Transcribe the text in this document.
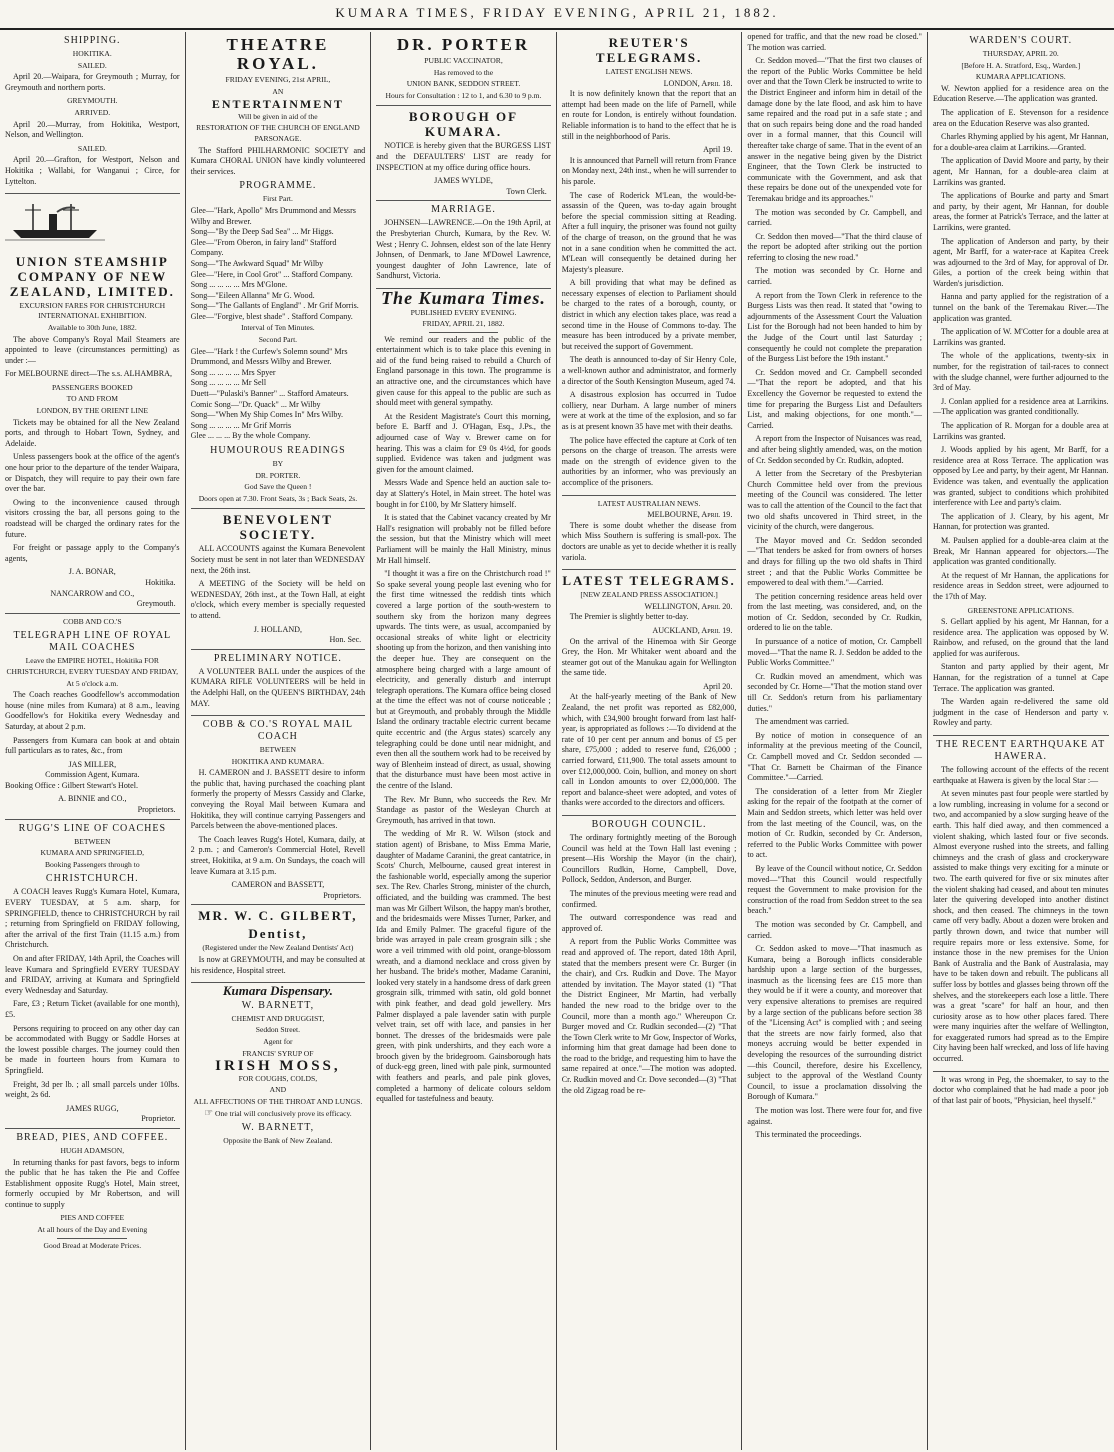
KUMARA TIMES, FRIDAY EVENING, APRIL 21, 1882.
SHIPPING.
HOKITIKA.
SAILED.

April 20.—Waipara, for Greymouth ; Murray, for Greymouth and northern ports.

GREYMOUTH.
ARRIVED.

April 20.—Murray, from Hokitika, Westport, Nelson, and Wellington.

SAILED.

April 20.—Grafton, for Westport, Nelson and Hokitika ; Wallabi, for Wanganui ; Circe, for Lyttelton.

UNION STEAMSHIP COMPANY OF NEW ZEALAND, LIMITED.
EXCURSION FARES FOR CHRISTCHURCH INTERNATIONAL EXHIBITION.
Available to 30th June, 1882.

The above Company's Royal Mail Steamers are appointed to leave (circumstances permitting) as under :—

For MELBOURNE direct—The s.s. ALHAMBRA,

PASSENGERS BOOKED
TO AND FROM
LONDON, BY THE ORIENT LINE

Tickets may be obtained for all the New Zealand ports, and through to Hobart Town, Sydney, and Adelaide.

Unless passengers book at the office of the agent's one hour prior to the departure of the tender Waipara, or Dispatch, they will require to pay their own fare over the bar.

Owing to the inconvenience caused through visitors crossing the bar, all persons going to the roadstead will be charged the ordinary rates for the future.

For freight or passage apply to the Company's agents,

J. A. BONAR,
Hokitika.
NANCARROW and CO.,
Greymouth.
COBB AND CO.'S
TELEGRAPH LINE OF ROYAL MAIL COACHES
Leave the EMPIRE HOTEL, Hokitika FOR CHRISTCHURCH, EVERY TUESDAY AND FRIDAY,
At 5 o'clock a.m.

The Coach reaches Goodfellow's accommodation house (nine miles from Kumara) at 8 a.m., leaving Goodfellow's for Hokitika every Wednesday and Saturday, at about 2 p.m.

Passengers from Kumara can book at and obtain full particulars as to rates, &c., from

JAS MILLER,
Commission Agent, Kumara.

Booking Office : Gilbert Stewart's Hotel.

A. BINNIE and CO.,
Proprietors.
RUGG'S LINE OF COACHES
BETWEEN
KUMARA AND SPRINGFIELD,
Booking Passengers through to
CHRISTCHURCH.

A COACH leaves Rugg's Kumara Hotel, Kumara, EVERY TUESDAY, at 5 a.m. sharp, for SPRINGFIELD, thence to CHRISTCHURCH by rail ; returning from Springfield on FRIDAY following, after the arrival of the first Train (11.15 a.m.) from Christchurch.

On and after FRIDAY, 14th April, the Coaches will leave Kumara and Springfield EVERY TUESDAY and FRIDAY, arriving at Kumara and Springfield every Wednesday and Saturday.

Fare, £3 ; Return Ticket (available for one month), £5.

Persons requiring to proceed on any other day can be accommodated with Buggy or Saddle Horses at the lowest possible charges. The journey could then be made in fourteen hours from Kumara to Springfield.

Freight, 3d per lb. ; all small parcels under 10lbs. weight, 2s 6d.

JAMES RUGG,
Proprietor.
BREAD, PIES, AND COFFEE.
HUGH ADAMSON,

In returning thanks for past favors, begs to inform the public that he has taken the Pie and Coffee Establishment opposite Rugg's Hotel, Main street, formerly occupied by Mr Robertson, and will continue to supply

PIES AND COFFEE
At all hours of the Day and Evening
Good Bread at Moderate Prices.
THEATRE ROYAL.
FRIDAY EVENING, 21st APRIL,
AN
ENTERTAINMENT
Will be given in aid of the
RESTORATION OF THE CHURCH OF ENGLAND PARSONAGE.

The Stafford PHILHARMONIC SOCIETY and Kumara CHORAL UNION have kindly volunteered their services.

PROGRAMME.
First Part.
Glee—"Hark, Apollo" Mrs Drummond and Messrs Wilby and Brewer.
Song—"By the Deep Sad Sea" ... Mr Higgs.
Glee—"From Oberon, in fairy land" Stafford Company.
Song—"The Awkward Squad" Mr Wilby
Glee—"Here, in Cool Grot" ... Stafford Company.
Song ... ... ... ... Mrs M'Glone.
Song—"Eileen Allanna" Mr G. Wood.
Song—"The Gallants of England" . Mr Grif Morris.
Glee—"Forgive, blest shade" . Stafford Company.
Interval of Ten Minutes.
Second Part.
Glee—"Hark ! the Curfew's Solemn sound" Mrs Drummond, and Messrs Wilby and Brewer.
Song ... ... ... ... Mrs Spyer
Song ... ... ... ... Mr Sell
Duett—"Pulaski's Banner" ... Stafford Amateurs.
Comic Song—"Dr. Quack" ... Mr Wilby
Song—"When My Ship Comes In" Mrs Wilby.
Song ... ... ... ... Mr Grif Morris
Glee ... ... ... By the whole Company.
HUMOUROUS READINGS
BY
DR. PORTER.
God Save the Queen !
Doors open at 7.30. Front Seats, 3s ; Back Seats, 2s.
BENEVOLENT SOCIETY.

ALL ACCOUNTS against the Kumara Benevolent Society must be sent in not later than WEDNESDAY next, the 26th inst.

A MEETING of the Society will be held on WEDNESDAY, 26th inst., at the Town Hall, at eight o'clock, which every member is specially requested to attend.

J. HOLLAND,
Hon. Sec.
PRELIMINARY NOTICE.

A VOLUNTEER BALL under the auspices of the KUMARA RIFLE VOLUNTEERS will be held in the Adelphi Hall, on the QUEEN'S BIRTHDAY, 24th MAY.

COBB & CO.'S ROYAL MAIL COACH
BETWEEN
HOKITIKA AND KUMARA.

H. CAMERON and J. BASSETT desire to inform the public that, having purchased the coaching plant formerly the property of Messrs Cassidy and Clarke, conveying the Royal Mail between Kumara and Hokitika, they will continue carrying Passengers and Parcels between the above-mentioned places.

The Coach leaves Rugg's Hotel, Kumara, daily, at 2 p.m. ; and Cameron's Commercial Hotel, Revell street, Hokitika, at 9 a.m. On Sundays, the coach will leave Kumara at 3.15 p.m.

CAMERON and BASSETT,
Proprietors.
MR. W. C. GILBERT,
Dentist,
(Registered under the New Zealand Dentists' Act)

Is now at GREYMOUTH, and may be consulted at his residence, Hospital street.

Kumara Dispensary.
W. BARNETT,
CHEMIST AND DRUGGIST,
Seddon Street.
Agent for
FRANCIS' SYRUP OF
IRISH MOSS,
FOR COUGHS, COLDS,
AND
ALL AFFECTIONS OF THE THROAT AND LUNGS.
☞ One trial will conclusively prove its efficacy.
W. BARNETT,
Opposite the Bank of New Zealand.
DR. PORTER
PUBLIC VACCINATOR,
Has removed to the
UNION BANK, SEDDON STREET.
Hours for Consultation : 12 to 1, and 6.30 to 9 p.m.
BOROUGH OF KUMARA.

NOTICE is hereby given that the BURGESS LIST and the DEFAULTERS' LIST are ready for INSPECTION at my office during office hours.

JAMES WYLDE,
Town Clerk.
MARRIAGE.

JOHNSEN—LAWRENCE.—On the 19th April, at the Presbyterian Church, Kumara, by the Rev. W. West ; Henry C. Johnsen, eldest son of the late Henry Johnsen, of Denmark, to Jane M'Dowel Lawrence, youngest daughter of John Lawrence, late of Sandhurst, Victoria.

The Kumara Times.
PUBLISHED EVERY EVENING.
FRIDAY, APRIL 21, 1882.

We remind our readers and the public of the entertainment which is to take place this evening in aid of the fund being raised to rebuild a Church of England parsonage in this town. The programme is an attractive one, and the circumstances which have given cause for this appeal to the public are such as should meet with general sympathy.

At the Resident Magistrate's Court this morning, before E. Barff and J. O'Hagan, Esq., J.Ps., the adjourned case of Way v. Brewer came on for hearing. This was a claim for £9 0s 4½d, for goods supplied. Evidence was taken and judgment was given for the amount claimed.

Messrs Wade and Spence held an auction sale to-day at Slattery's Hotel, in Main street. The hotel was bought in for £100, by Mr Slattery himself.

It is stated that the Cabinet vacancy created by Mr Hall's resignation will probably not be filled before the session, but that the Ministry which will meet Parliament will be mainly the Hall Ministry, minus Mr Hall himself.

"I thought it was a fire on the Christchurch road !" So spake several young people last evening who for the first time witnessed the reddish tints which covered a large portion of the south-western to southern sky from the horizon many degrees upwards. The tints were, as usual, accompanied by occasional streaks of white light or electricity shooting up from the horizon, and then vanishing into the deeper hue. They are consequent on the atmosphere being charged with a large amount of electricity, and generally disturb and interrupt telegraph operations. The Kumara office being closed at the time the effect was not of course noticeable ; but at Greymouth, and probably through the Middle Island the ordinary tractable electric current became quite eccentric and (the Argus states) scarcely any telegraphing could be done until near midnight, and even then all the southern work had to be received by way of Blenheim instead of direct, as usual, showing that the disturbance must have been most active in the centre of the Island.

The Rev. Mr Bunn, who succeeds the Rev. Mr Standage as pastor of the Wesleyan Church at Greymouth, has arrived in that town.

The wedding of Mr R. W. Wilson (stock and station agent) of Brisbane, to Miss Emma Marie, daughter of Madame Caranini, the great cantatrice, in Scots' Church, Melbourne, caused great interest in the fashionable world, especially among the superior sex. The Rev. Charles Strong, minister of the church, officiated, and the building was crammed. The best man was Mr Gilbert Wilson, the happy man's brother, and the bridesmaids were Misses Turner, Parker, and Ida and Emily Palmer. The graceful figure of the bride was arrayed in pale cream grosgrain silk ; she wore a veil trimmed with old point, orange-blossom wreath, and a diamond necklace and cross given by her husband. The bride's mother, Madame Caranini, looked very stately in a handsome dress of dark green grosgrain silk, trimmed with satin, old gold bonnet with pink feather, and dead gold jewellery. Mrs Palmer displayed a pale lavender satin with purple velvet train, set off with lace, and pansies in her bonnet. The dresses of the bridesmaids were pale green, with pink undershirts, and they each wore a brooch given by the bridegroom. Gainsborough hats of duck-egg green, lined with pale pink, surmounted with feathers and pearls, and pale pink gloves, completed a harmony of delicate colours seldom equalled for tastefulness and beauty.

REUTER'S TELEGRAMS.
LATEST ENGLISH NEWS.
LONDON, April 18.

It is now definitely known that the report that an attempt had been made on the life of Parnell, while en route for London, is entirely without foundation. Reliable information is to hand to the effect that he is still in the neighborhood of Paris.

April 19.

It is announced that Parnell will return from France on Monday next, 24th inst., when he will surrender to his parole.

The case of Roderick M'Lean, the would-be-assassin of the Queen, was to-day again brought before the special commission sitting at Reading. After a full inquiry, the prisoner was found not guilty of the charge of treason, on the ground that he was not in a sane condition when he committed the act. M'Lean will consequently be detained during her Majesty's pleasure.

A bill providing that what may be defined as necessary expenses of election to Parliament should be charged to the rates of a borough, county, or district in which any election takes place, was read a second time in the House of Commons to-day. The measure has been introduced by a private member, but received the support of Government.

The death is announced to-day of Sir Henry Cole, a well-known author and administrator, and formerly a director of the South Kensington Museum, aged 74.

A disastrous explosion has occurred in Tudoe colliery, near Durham. A large number of miners were at work at the time of the explosion, and so far as is at present known 35 have met with their deaths.

The police have effected the capture at Cork of ten persons on the charge of treason. The arrests were made on the strength of evidence given to the authorities by an informer, who was previously an accomplice of the prisoners.

LATEST AUSTRALIAN NEWS.
MELBOURNE, April 19.

There is some doubt whether the disease from which Miss Southern is suffering is small-pox. The doctors are unable as yet to decide whether it is really variola.

LATEST TELEGRAMS.
[NEW ZEALAND PRESS ASSOCIATION.]
WELLINGTON, April 20.

The Premier is slightly better to-day.

AUCKLAND, April 19.

On the arrival of the Hinemoa with Sir George Grey, the Hon. Mr Whitaker went aboard and the steamer got out of the Manukau again for Wellington the same tide.

April 20.

At the half-yearly meeting of the Bank of New Zealand, the net profit was reported as £82,000, which, with £34,900 brought forward from last half-year, is appropriated as follows :—To dividend at the rate of 10 per cent per annum and bonus of £5 per share, £75,000 ; added to reserve fund, £26,000 ; carried forward, £11,900. The total assets amount to over £12,000,000. Coin, bullion, and money on short call in London amounts to over £2,000,000. The report and balance-sheet were adopted, and votes of thanks were accorded to the directors and officers.

BOROUGH COUNCIL.

The ordinary fortnightly meeting of the Borough Council was held at the Town Hall last evening ; present—His Worship the Mayor (in the chair), Councillors Rudkin, Horne, Campbell, Dove, Pollock, Seddon, Anderson, and Burger.

The minutes of the previous meeting were read and confirmed.

The outward correspondence was read and approved of.

A report from the Public Works Committee was read and approved of. The report, dated 18th April, stated that the members present were Cr. Burger (in the chair), and Crs. Rudkin and Dove. The Mayor attended by invitation. The Mayor stated (1) "That the District Engineer, Mr Martin, had verbally handed the new road to the bridge over to the Council, more than a month ago." Whereupon Cr. Burger moved and Cr. Rudkin seconded—(2) "That the Town Clerk write to Mr Gow, Inspector of Works, informing him that great damage had been done to the road to the bridge, and requesting him to have the same repaired at once."—The motion was adopted. Cr. Rudkin moved and Cr. Dove seconded—(3) "That the old Zigzag road be re-

opened for traffic, and that the new road be closed." The motion was carried.

Cr. Seddon moved—"That the first two clauses of the report of the Public Works Committee be held over and that the Town Clerk be instructed to write to the District Engineer and inform him in detail of the damage done by the late flood, and ask him to have same repaired and the road put in a safe state ; and that on such repairs being done and the road handed over in a formal manner, that this Council will thereafter take charge of same. That in the event of an answer in the negative being given by the District Engineer, that the Town Clerk be instructed to communicate with the Government, and ask that these repairs be done out of the unexpended vote for Teremakau bridge and its approaches."

The motion was seconded by Cr. Campbell, and carried.

Cr. Seddon then moved—"That the third clause of the report be adopted after striking out the portion referring to closing the new road."

The motion was seconded by Cr. Horne and carried.

A report from the Town Clerk in reference to the Burgess Lists was then read. It stated that "owing to adjournments of the Assessment Court the Valuation List for the Borough had not been handed to him by the Judge of the Court until last Saturday ; consequently he could not complete the preparation of the Burgess List before the 19th instant."

Cr. Seddon moved and Cr. Campbell seconded—"That the report be adopted, and that his Excellency the Governor be requested to extend the time for preparing the Burgess List and Defaulters List, and making objections, for one month."—Carried.

A report from the Inspector of Nuisances was read, and after being slightly amended, was, on the motion of Cr. Seddon seconded by Cr. Rudkin, adopted.

A letter from the Secretary of the Presbyterian Church Committee held over from the previous meeting of the Council was considered. The letter was to call the attention of the Council to the fact that two old shafts uncovered in Third street, in the vicinity of the church, were dangerous.

The Mayor moved and Cr. Seddon seconded—"That tenders be asked for from owners of horses and drays for filling up the two old shafts in Third street ; and that the Public Works Committee be empowered to deal with them."—Carried.

The petition concerning residence areas held over from the last meeting, was considered, and, on the motion of Cr. Seddon, seconded by Cr. Rudkin, ordered to lie on the table.

In pursuance of a notice of motion, Cr. Campbell moved—"That the name R. J. Seddon be added to the Public Works Committee."

Cr. Rudkin moved an amendment, which was seconded by Cr. Horne—"That the motion stand over till Cr. Seddon's return from his parliamentary duties."

The amendment was carried.

By notice of motion in consequence of an informality at the previous meeting of the Council, Cr. Campbell moved and Cr. Seddon seconded — "That Cr. Barnett be Chairman of the Finance Committee."—Carried.

The consideration of a letter from Mr Ziegler asking for the repair of the footpath at the corner of Main and Seddon streets, which letter was held over from the last meeting of the Council, was, on the motion of Cr. Rudkin, seconded by Cr. Anderson, referred to the Public Works Committee with power to act.

By leave of the Council without notice, Cr. Seddon moved—"That this Council would respectfully request the Government to make provision for the construction of the road from Seddon street to the sea beach."

The motion was seconded by Cr. Campbell, and carried.

Cr. Seddon asked to move—"That inasmuch as Kumara, being a Borough inflicts considerable hardship upon a large section of the burgesses, inasmuch as the licensing fees are £15 more than they would be if it were a county, and moreover that very expensive alterations to premises are required by a large section of the publicans before section 38 of the "Licensing Act" is complied with ; and seeing that the streets are now fairly formed, also that moneys accruing would be better expended in developing the resources of the surrounding district—this Council, therefore, desire his Excellency, subject to the approval of the Westland County Council, to issue a proclamation dissolving the Borough of Kumara."

The motion was lost. There were four for, and five against.

This terminated the proceedings.

WARDEN'S COURT.
THURSDAY, APRIL 20.
[Before H. A. Stratford, Esq., Warden.]
KUMARA APPLICATIONS.

W. Newton applied for a residence area on the Education Reserve.—The application was granted.

The application of E. Stevenson for a residence area on the Education Reserve was also granted.

Charles Rhyming applied by his agent, Mr Hannan, for a double-area claim at Larrikins.—Granted.

The application of David Moore and party, by their agent, Mr Hannan, for a double-area claim at Larrikins was granted.

The applications of Bourke and party and Smart and party, by their agent, Mr Hannan, for double areas, the former at Patrick's Terrace, and the latter at Larrikins, were granted.

The application of Anderson and party, by their agent, Mr Barff, for a water-race at Kapitea Creek was adjourned to the 3rd of May, for approval of Dr. Giles, a portion of the creek being within that Warden's jurisdiction.

Hanna and party applied for the registration of a tunnel on the bank of the Teremakau River.—The application was granted.

The application of W. M'Cotter for a double area at Larrikins was granted.

The whole of the applications, twenty-six in number, for the registration of tail-races to connect with the sludge channel, were further adjourned to the 3rd of May.

J. Conlan applied for a residence area at Larrikins.—The application was granted conditionally.

The application of R. Morgan for a double area at Larrikins was granted.

J. Woods applied by his agent, Mr Barff, for a residence area at Ross Terrace. The application was opposed by Lee and party, by their agent, Mr Hannan. Evidence was taken, and eventually the application was granted, subject to conditions which prohibited interference with Lee and party's claim.

The application of J. Cleary, by his agent, Mr Hannan, for protection was granted.

M. Paulsen applied for a double-area claim at the Break, Mr Hannan appeared for objectors.—The application was granted conditionally.

At the request of Mr Hannan, the applications for residence areas in Seddon street, were adjourned to the 17th of May.

GREENSTONE APPLICATIONS.

S. Gellart applied by his agent, Mr Hannan, for a residence area. The application was opposed by W. Rainbow, and refused, on the ground that the land applied for was auriferous.

Stanton and party applied by their agent, Mr Hannan, for the registration of a tunnel at Cape Terrace. The application was granted.

The Warden again re-delivered the same old judgment in the case of Henderson and party v. Rowley and party.

THE RECENT EARTHQUAKE AT HAWERA.

The following account of the effects of the recent earthquake at Hawera is given by the local Star :—

At seven minutes past four people were startled by a low rumbling, increasing in volume for a second or two, and accompanied by a slow surging heave of the earth. This half died away, and then commenced a violent shaking, which lasted four or five seconds. Almost everyone rushed into the streets, and falling chimneys and the crash of glass and crockeryware assisted to make things very exciting for a minute or two. The earth quivered for five or six minutes after the violent shaking had ceased, and about ten minutes later the quivering developed into another distinct shock, and then ceased. The chimneys in the town came off very badly. About a dozen were broken and partly thrown down, and twice that number will require repairs more or less extensive. Some, for instance those in the new premises for the Union Bank of Australia and the Bank of Australasia, may have to be taken down and rebuilt. The publicans all suffer loss by bottles and glasses being thrown off the shelves, and the storekeepers each lose a little. There was a great "scare" for half an hour, and then curiosity arose as to how other places fared. There were many inquiries after the welfare of Wellington, for exaggerated rumors had spread as to the Empire City having been half wrecked, and loss of life having occurred.

It was wrong in Peg, the shoemaker, to say to the doctor who complained that he had made a poor job of that last pair of boots, "Physician, heel thyself."
